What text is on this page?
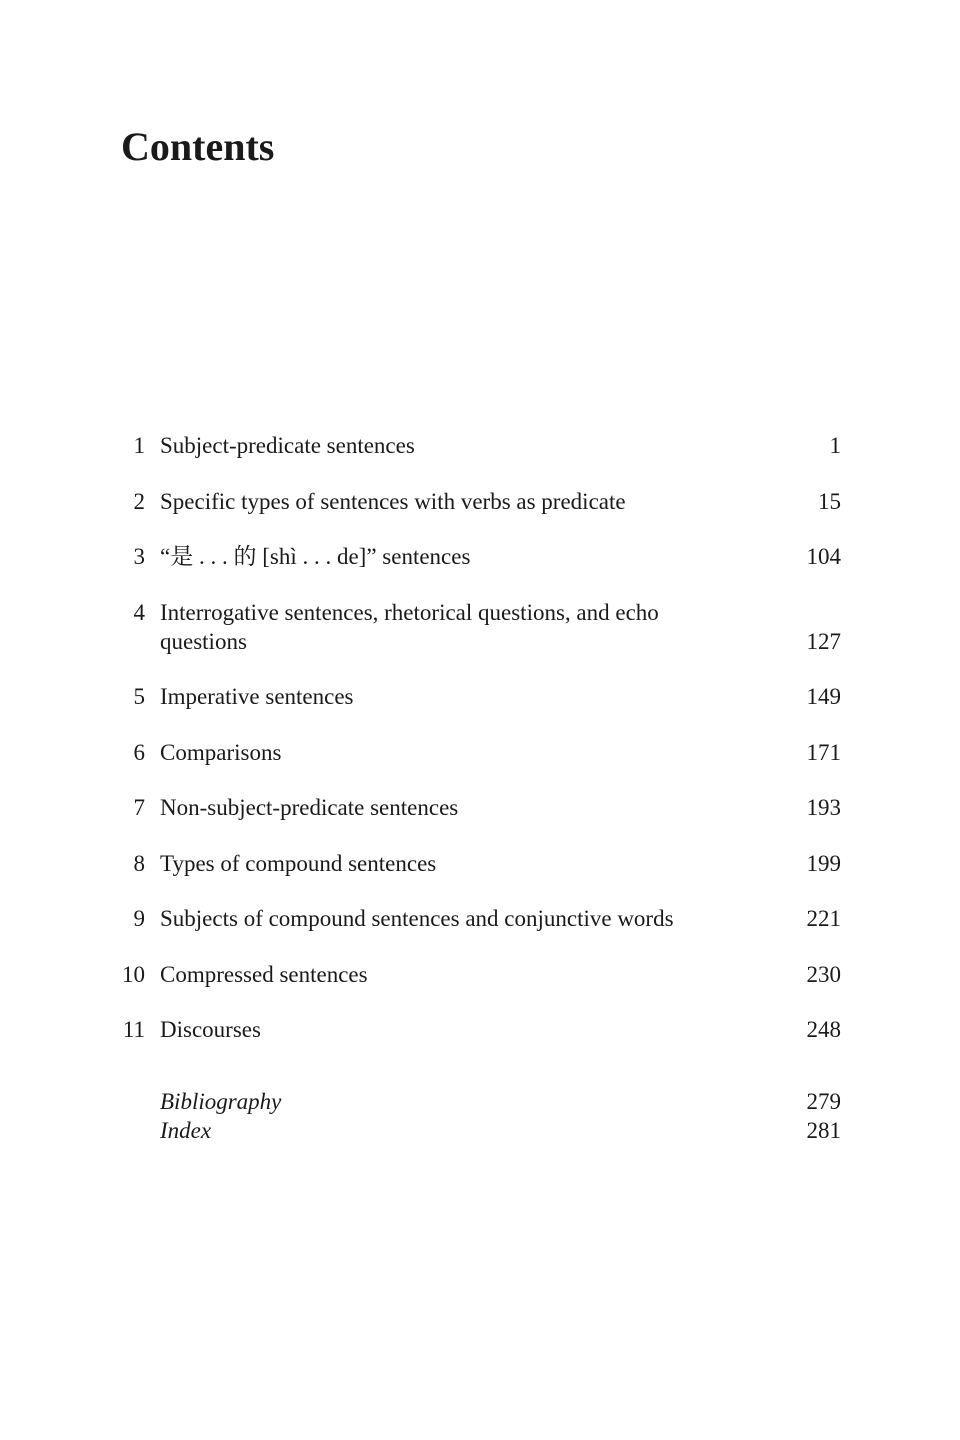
Contents
1 Subject-predicate sentences	1
2 Specific types of sentences with verbs as predicate	15
3 “是 . . . 的 [shì . . . de]” sentences	104
4 Interrogative sentences, rhetorical questions, and echo
questions	127
5 Imperative sentences	149
6 Comparisons	171
7 Non-subject-predicate sentences	193
8 Types of compound sentences	199
9 Subjects of compound sentences and conjunctive words	221
10 Compressed sentences	230
11 Discourses	248
Bibliography	279
Index	281
